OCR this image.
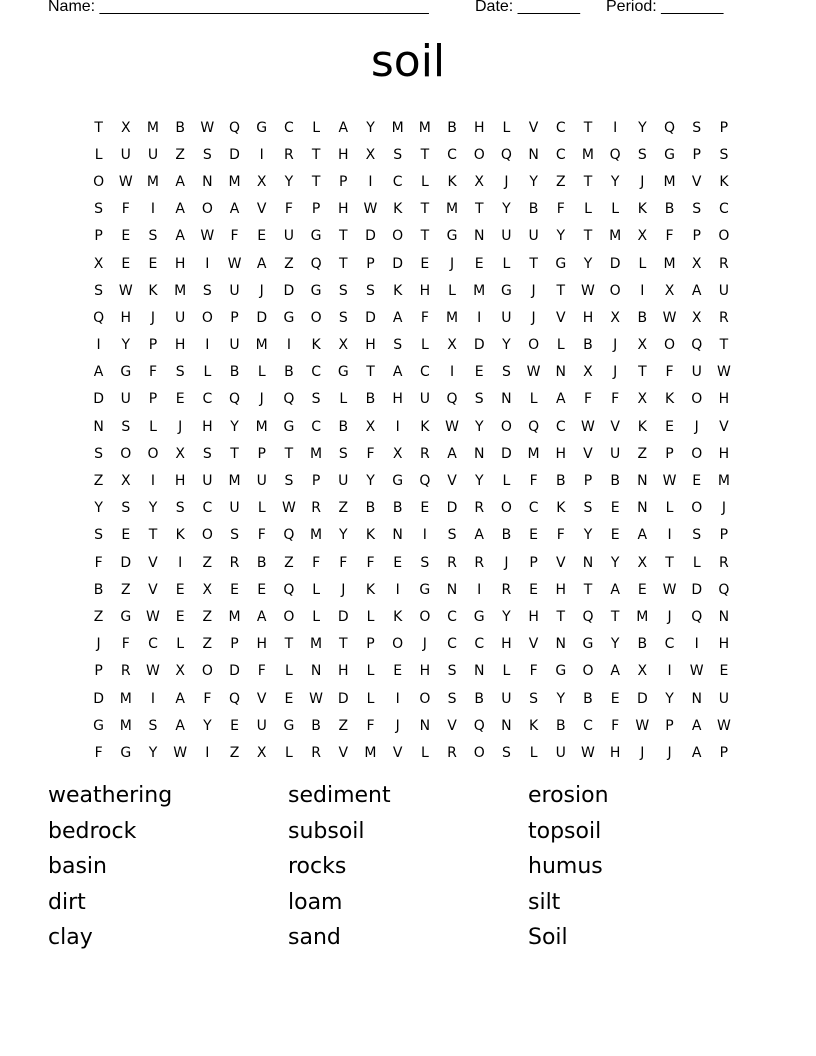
Name: _____________________________________	Date: _______ Period: _______
soil
T	X	M	B	W	Q	G	C	L	A	Y	M	M	B	H	L	V	C	T	I	Y	Q	S	P
L	U	U	Z	S	D	I	R	T	H	X	S	T	C	O	Q	N	C	M	Q	S	G	P	S
O	W	M	A	N	M	X	Y	T	P	I	C	L	K	X	J	Y	Z	T	Y	J	M	V	K
S	F	I	A	O	A	V	F	P	H	W	K	T	M	T	Y	B	F	L	L	K	B	S	C
P	E	S	A	W	F	E	U	G	T	D	O	T	G	N	U	U	Y	T	M	X	F	P	O
X	E	E	H	I	W	A	Z	Q	T	P	D	E	J	E	L	T	G	Y	D	L	M	X	R
S	W	K	M	S	U	J	D	G	S	S	K	H	L	M	G	J	T	W	O	I	X	A	U
Q	H	J	U	O	P	D	G	O	S	D	A	F	M	I	U	J	V	H	X	B	W	X	R
I	Y	P	H	I	U	M	I	K	X	H	S	L	X	D	Y	O	L	B	J	X	O	Q	T
A	G	F	S	L	B	L	B	C	G	T	A	C	I	E	S	W	N	X	J	T	F	U	W
D	U	P	E	C	Q	J	Q	S	L	B	H	U	Q	S	N	L	A	F	F	X	K	O	H
N	S	L	J	H	Y	M	G	C	B	X	I	K	W	Y	O	Q	C	W	V	K	E	J	V
S	O	O	X	S	T	P	T	M	S	F	X	R	A	N	D	M	H	V	U	Z	P	O	H
Z	X	I	H	U	M	U	S	P	U	Y	G	Q	V	Y	L	F	B	P	B	N	W	E	M
Y	S	Y	S	C	U	L	W	R	Z	B	B	E	D	R	O	C	K	S	E	N	L	O	J
S	E	T	K	O	S	F	Q	M	Y	K	N	I	S	A	B	E	F	Y	E	A	I	S	P
F	D	V	I	Z	R	B	Z	F	F	F	E	S	R	R	J	P	V	N	Y	X	T	L	R
B	Z	V	E	X	E	E	Q	L	J	K	I	G	N	I	R	E	H	T	A	E	W	D	Q
Z	G	W	E	Z	M	A	O	L	D	L	K	O	C	G	Y	H	T	Q	T	M	J	Q	N
J	F	C	L	Z	P	H	T	M	T	P	O	J	C	C	H	V	N	G	Y	B	C	I	H
P	R	W	X	O	D	F	L	N	H	L	E	H	S	N	L	F	G	O	A	X	I	W	E
D	M	I	A	F	Q	V	E	W	D	L	I	O	S	B	U	S	Y	B	E	D	Y	N	U
G	M	S	A	Y	E	U	G	B	Z	F	J	N	V	Q	N	K	B	C	F	W	P	A	W
F	G	Y	W	I	Z	X	L	R	V	M	V	L	R	O	S	L	U	W	H	J	J	A	P
weathering	sediment	erosion
bedrock	subsoil	topsoil
basin	rocks	humus
dirt	loam	silt
clay	sand	Soil
